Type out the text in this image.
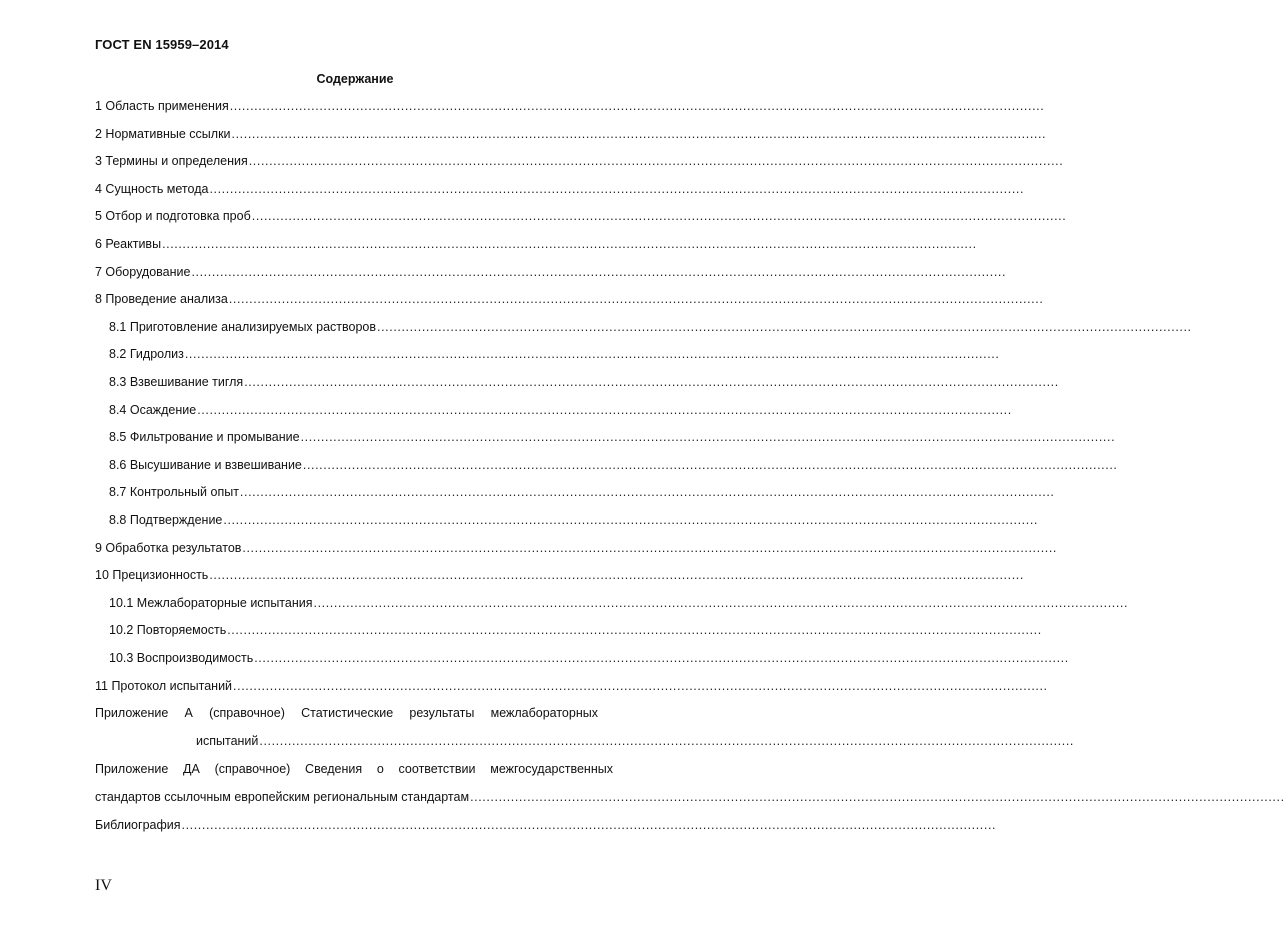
ГОСТ EN 15959–2014
Содержание
1 Область применения ........................................................................................................................................................................................................
2 Нормативные ссылки ........................................................................................................................................................................................................
3 Термины и определения ........................................................................................................................................................................................................
4 Сущность метода ........................................................................................................................................................................................................
5 Отбор и подготовка проб ........................................................................................................................................................................................................
6 Реактивы ........................................................................................................................................................................................................
7 Оборудование ........................................................................................................................................................................................................
8 Проведение анализа ........................................................................................................................................................................................................
8.1 Приготовление анализируемых растворов ........................................................................................................................................................................................................
8.2 Гидролиз ........................................................................................................................................................................................................
8.3 Взвешивание тигля ........................................................................................................................................................................................................
8.4 Осаждение ........................................................................................................................................................................................................
8.5 Фильтрование и промывание ........................................................................................................................................................................................................
8.6 Высушивание и взвешивание ........................................................................................................................................................................................................
8.7 Контрольный опыт ........................................................................................................................................................................................................
8.8 Подтверждение ........................................................................................................................................................................................................
9 Обработка результатов ........................................................................................................................................................................................................
10 Прецизионность ........................................................................................................................................................................................................
10.1 Межлабораторные испытания ........................................................................................................................................................................................................
10.2 Повторяемость ........................................................................................................................................................................................................
10.3 Воспроизводимость ........................................................................................................................................................................................................
11 Протокол испытаний ........................................................................................................................................................................................................
Приложение А (справочное) Статистические результаты межлабораторных
испытаний ........................................................................................................................................................................................................
Приложение ДА (справочное) Сведения о соответствии межгосударственных
стандартов ссылочным европейским региональным стандартам ........................................................................................................................................................................................................
Библиография ........................................................................................................................................................................................................
IV
